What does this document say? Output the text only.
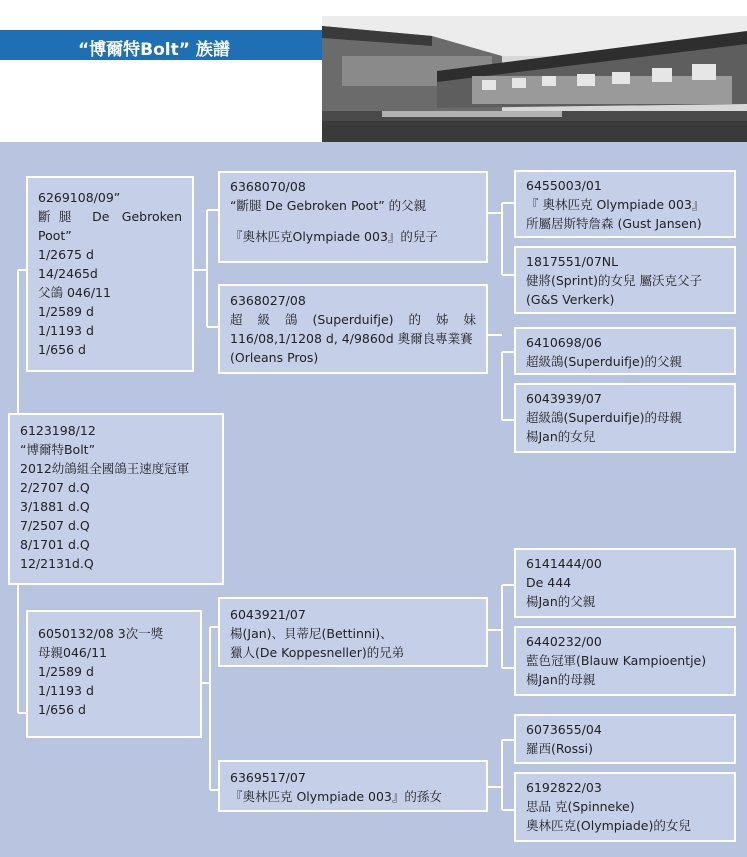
“博爾特Bolt” 族譜
6123198/12
“博爾特Bolt”
2012幼鴿組全國鴿王速度冠軍
2/2707 d.Q
3/1881 d.Q
7/2507 d.Q
8/1701 d.Q
12/2131d.Q
6269108/09”
斷腿 De Gebroken
Poot”
1/2675 d
14/2465d
父鴿 046/11
1/2589 d
1/1193 d
1/656 d
6050132/08 3次一獎
母親046/11
1/2589 d
1/1193 d
1/656 d
6368070/08
“斷腿 De Gebroken Poot” 的父親
『奧林匹克Olympiade 003』的兒子
6368027/08
超級鴿(Superduifje)的姊妹
116/08,1/1208 d, 4/9860d 奧爾良專業賽
(Orleans Pros)
6043921/07
楊(Jan)、貝蒂尼(Bettinni)、
獵人(De Koppesneller)的兄弟
6369517/07
『奧林匹克 Olympiade 003』的孫女
6455003/01
『 奧林匹克 Olympiade 003』
所屬居斯特詹森 (Gust Jansen)
1817551/07NL
健將(Sprint)的女兒 屬沃克父子
(G&S Verkerk)
6410698/06
超級鴿(Superduifje)的父親
6043939/07
超級鴿(Superduifje)的母親
楊Jan的女兒
6141444/00
De 444
楊Jan的父親
6440232/00
藍色冠軍(Blauw Kampioentje)
楊Jan的母親
6073655/04
羅西(Rossi)
6192822/03
思品 克(Spinneke)
奧林匹克(Olympiade)的女兒
